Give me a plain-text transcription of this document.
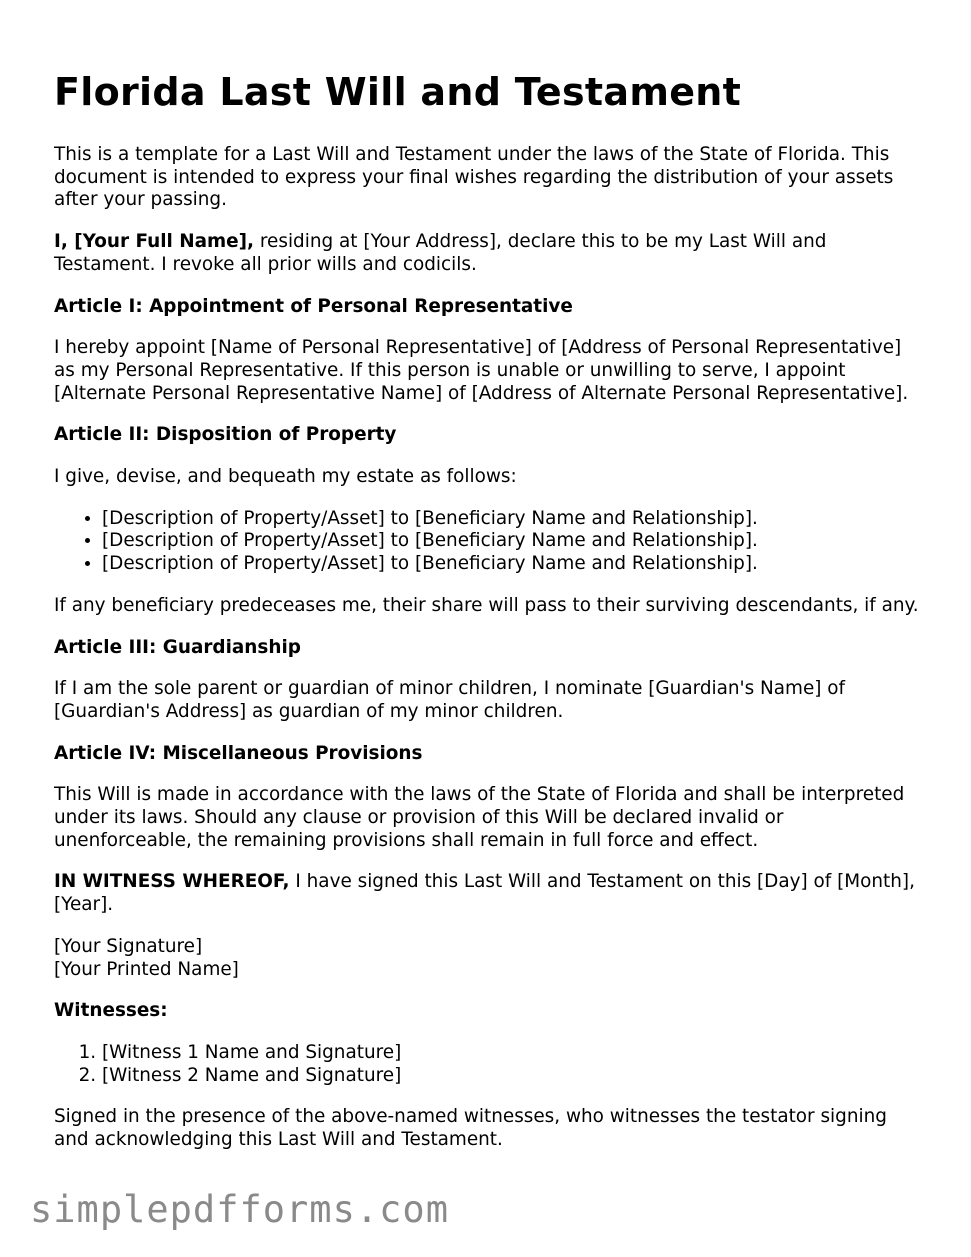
Florida Last Will and Testament

This is a template for a Last Will and Testament under the laws of the State of Florida. This document is intended to express your final wishes regarding the distribution of your assets after your passing.

I, [Your Full Name], residing at [Your Address], declare this to be my Last Will and Testament. I revoke all prior wills and codicils.

Article I: Appointment of Personal Representative

I hereby appoint [Name of Personal Representative] of [Address of Personal Representative] as my Personal Representative. If this person is unable or unwilling to serve, I appoint [Alternate Personal Representative Name] of [Address of Alternate Personal Representative].

Article II: Disposition of Property

I give, devise, and bequeath my estate as follows:

• [Description of Property/Asset] to [Beneficiary Name and Relationship].
• [Description of Property/Asset] to [Beneficiary Name and Relationship].
• [Description of Property/Asset] to [Beneficiary Name and Relationship].

If any beneficiary predeceases me, their share will pass to their surviving descendants, if any.

Article III: Guardianship

If I am the sole parent or guardian of minor children, I nominate [Guardian's Name] of [Guardian's Address] as guardian of my minor children.

Article IV: Miscellaneous Provisions

This Will is made in accordance with the laws of the State of Florida and shall be interpreted under its laws. Should any clause or provision of this Will be declared invalid or unenforceable, the remaining provisions shall remain in full force and effect.

IN WITNESS WHEREOF, I have signed this Last Will and Testament on this [Day] of [Month], [Year].

[Your Signature]
[Your Printed Name]

Witnesses:

1. [Witness 1 Name and Signature]
2. [Witness 2 Name and Signature]

Signed in the presence of the above-named witnesses, who witnesses the testator signing and acknowledging this Last Will and Testament.

simplepdfforms.com
